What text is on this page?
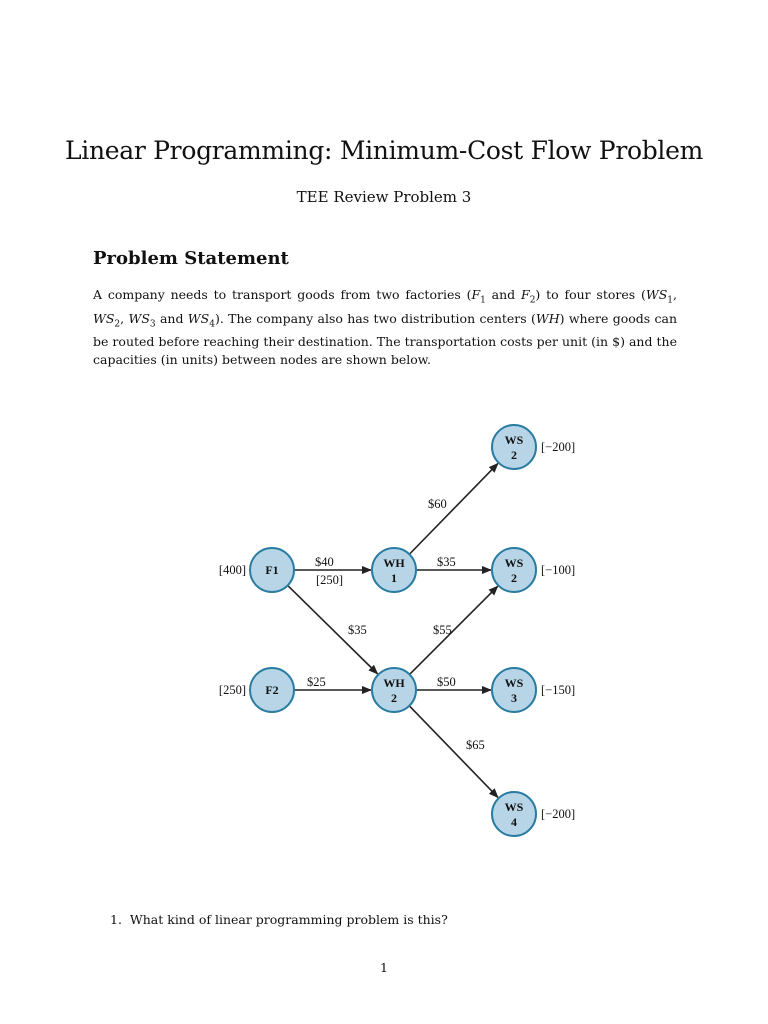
Linear Programming: Minimum-Cost Flow Problem

TEE Review Problem 3

Problem Statement

A company needs to transport goods from two factories ($F_1$ and $F_2$) to four stores ($WS_1$, $WS_2$, $WS_3$ and $WS_4$). The company also has two distribution centers (WH) where goods can be routed before reaching their destination. The transportation costs per unit (in $) and the capacities (in units) between nodes are shown below.

$40
[250]
$35
$25
$60
$35
$55
$50
$65
F1
[400]
F2
[250]
WH
1
WH
2
WS
2
[−200]
WS
2
[−100]
WS
3
[−150]
WS
4
[−200]

1. What kind of linear programming problem is this?

1
